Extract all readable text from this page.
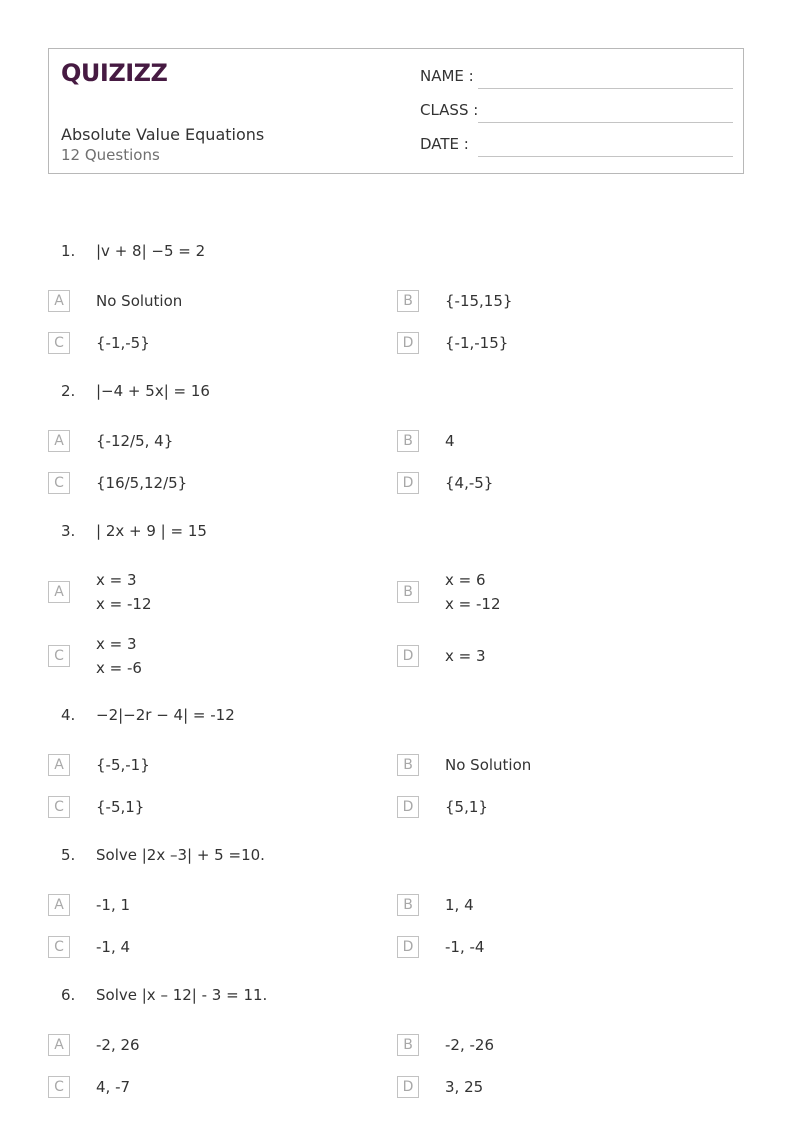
QUIZIZZ
Absolute Value Equations
12 Questions
NAME :
CLASS :
DATE :
1. |v + 8| −5 = 2
A	No Solution	B	{-15,15}
C	{-1,-5}	D	{-1,-15}
2. |−4 + 5x| = 16
A	{-12/5, 4}	B	4
C	{16/5,12/5}	D	{4,-5}
3. | 2x + 9 | = 15
A
x = 3
x = -12
B
x = 6
x = -12
C
x = 3
x = -6
D	x = 3
4. −2|−2r − 4| = -12
A	{-5,-1}	B	No Solution
C	{-5,1}	D	{5,1}
5. Solve |2x –3| + 5 =10.
A	-1, 1	B	1, 4
C	-1, 4	D	-1, -4
6. Solve |x – 12| - 3 = 11.
A	-2, 26	B	-2, -26
C	4, -7	D	3, 25
